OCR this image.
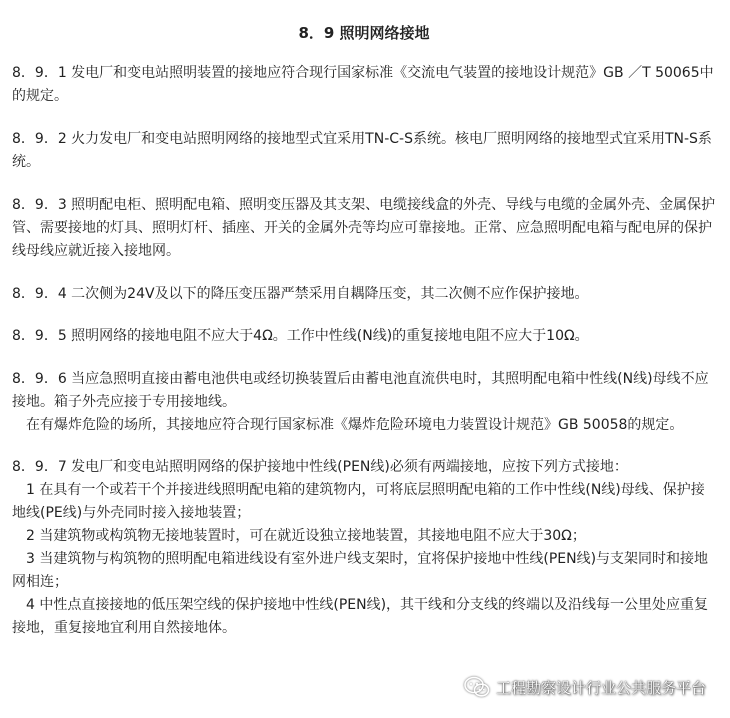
8．9 照明网络接地

8．9．1 发电厂和变电站照明装置的接地应符合现行国家标准《交流电气装置的接地设计规范》GB ／T 50065中的规定。

8．9．2 火力发电厂和变电站照明网络的接地型式宜采用TN-C-S系统。核电厂照明网络的接地型式宜采用TN-S系统。

8．9．3 照明配电柜、照明配电箱、照明变压器及其支架、电缆接线盒的外壳、导线与电缆的金属外壳、金属保护管、需要接地的灯具、照明灯杆、插座、开关的金属外壳等均应可靠接地。正常、应急照明配电箱与配电屏的保护线母线应就近接入接地网。

8．9．4 二次侧为24V及以下的降压变压器严禁采用自耦降压变，其二次侧不应作保护接地。

8．9．5 照明网络的接地电阻不应大于4Ω。工作中性线(N线)的重复接地电阻不应大于10Ω。

8．9．6 当应急照明直接由蓄电池供电或经切换装置后由蓄电池直流供电时，其照明配电箱中性线(N线)母线不应接地。箱子外壳应接于专用接地线。

　在有爆炸危险的场所，其接地应符合现行国家标准《爆炸危险环境电力装置设计规范》GB 50058的规定。

8．9．7 发电厂和变电站照明网络的保护接地中性线(PEN线)必须有两端接地，应按下列方式接地：

　1 在具有一个或若干个并接进线照明配电箱的建筑物内，可将底层照明配电箱的工作中性线(N线)母线、保护接地线(PE线)与外壳同时接入接地装置；

　2 当建筑物或构筑物无接地装置时，可在就近设独立接地装置，其接地电阻不应大于30Ω；

　3 当建筑物与构筑物的照明配电箱进线设有室外进户线支架时，宜将保护接地中性线(PEN线)与支架同时和接地网相连；

　4 中性点直接接地的低压架空线的保护接地中性线(PEN线)，其干线和分支线的终端以及沿线每一公里处应重复接地，重复接地宜利用自然接地体。

工程勘察设计行业公共服务平台
